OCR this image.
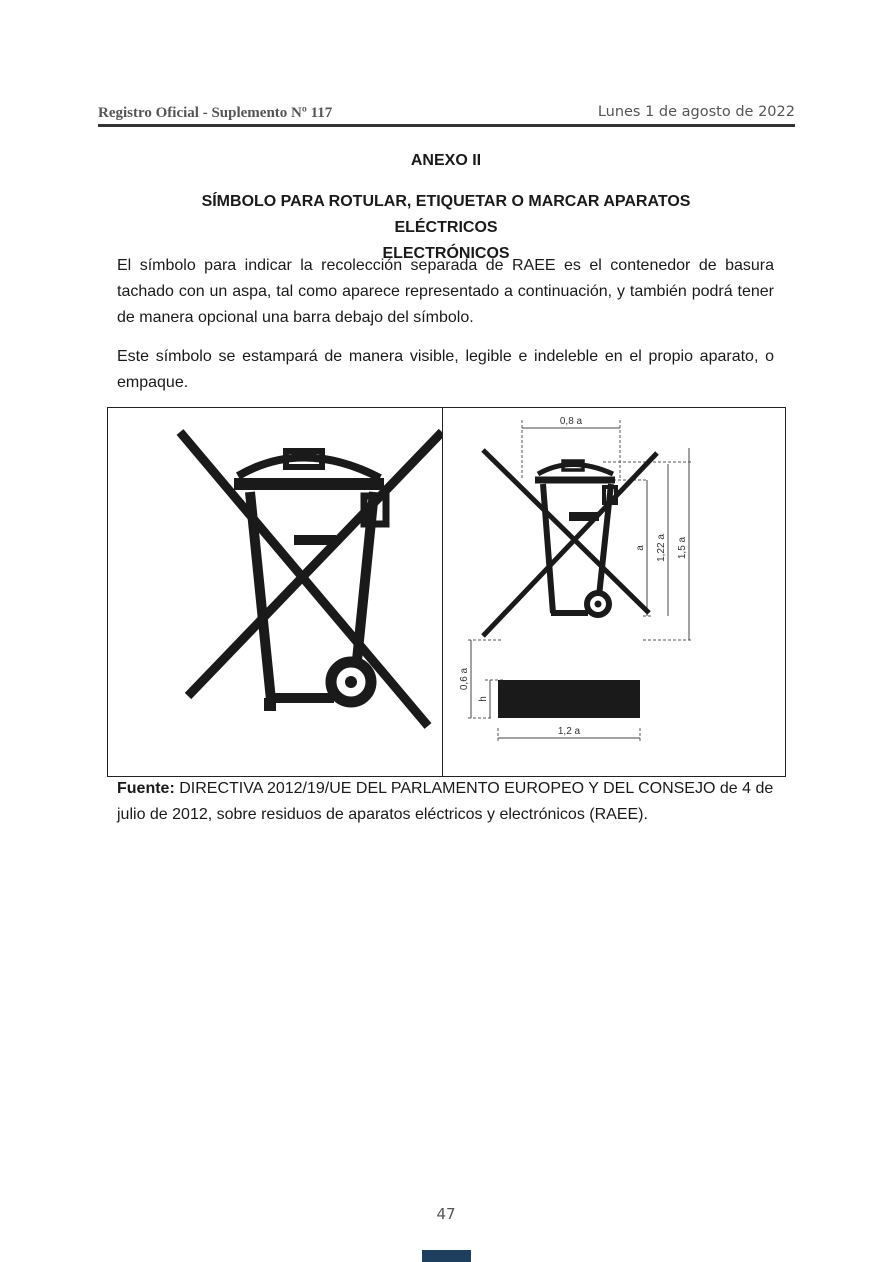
Registro Oficial - Suplemento Nº 117	Lunes 1 de agosto de 2022
ANEXO II
SÍMBOLO PARA ROTULAR, ETIQUETAR O MARCAR APARATOS ELÉCTRICOS
ELECTRÓNICOS

El símbolo para indicar la recolección separada de RAEE es el contenedor de basura tachado con un aspa, tal como aparece representado a continuación, y también podrá tener de manera opcional una barra debajo del símbolo.

Este símbolo se estampará de manera visible, legible e indeleble en el propio aparato, o empaque.

0,8 a
a 1,22 a 1,5 a
0,6 a
h
1,2 a

Fuente: DIRECTIVA 2012/19/UE DEL PARLAMENTO EUROPEO Y DEL CONSEJO de 4 de julio de 2012, sobre residuos de aparatos eléctricos y electrónicos (RAEE).

47
